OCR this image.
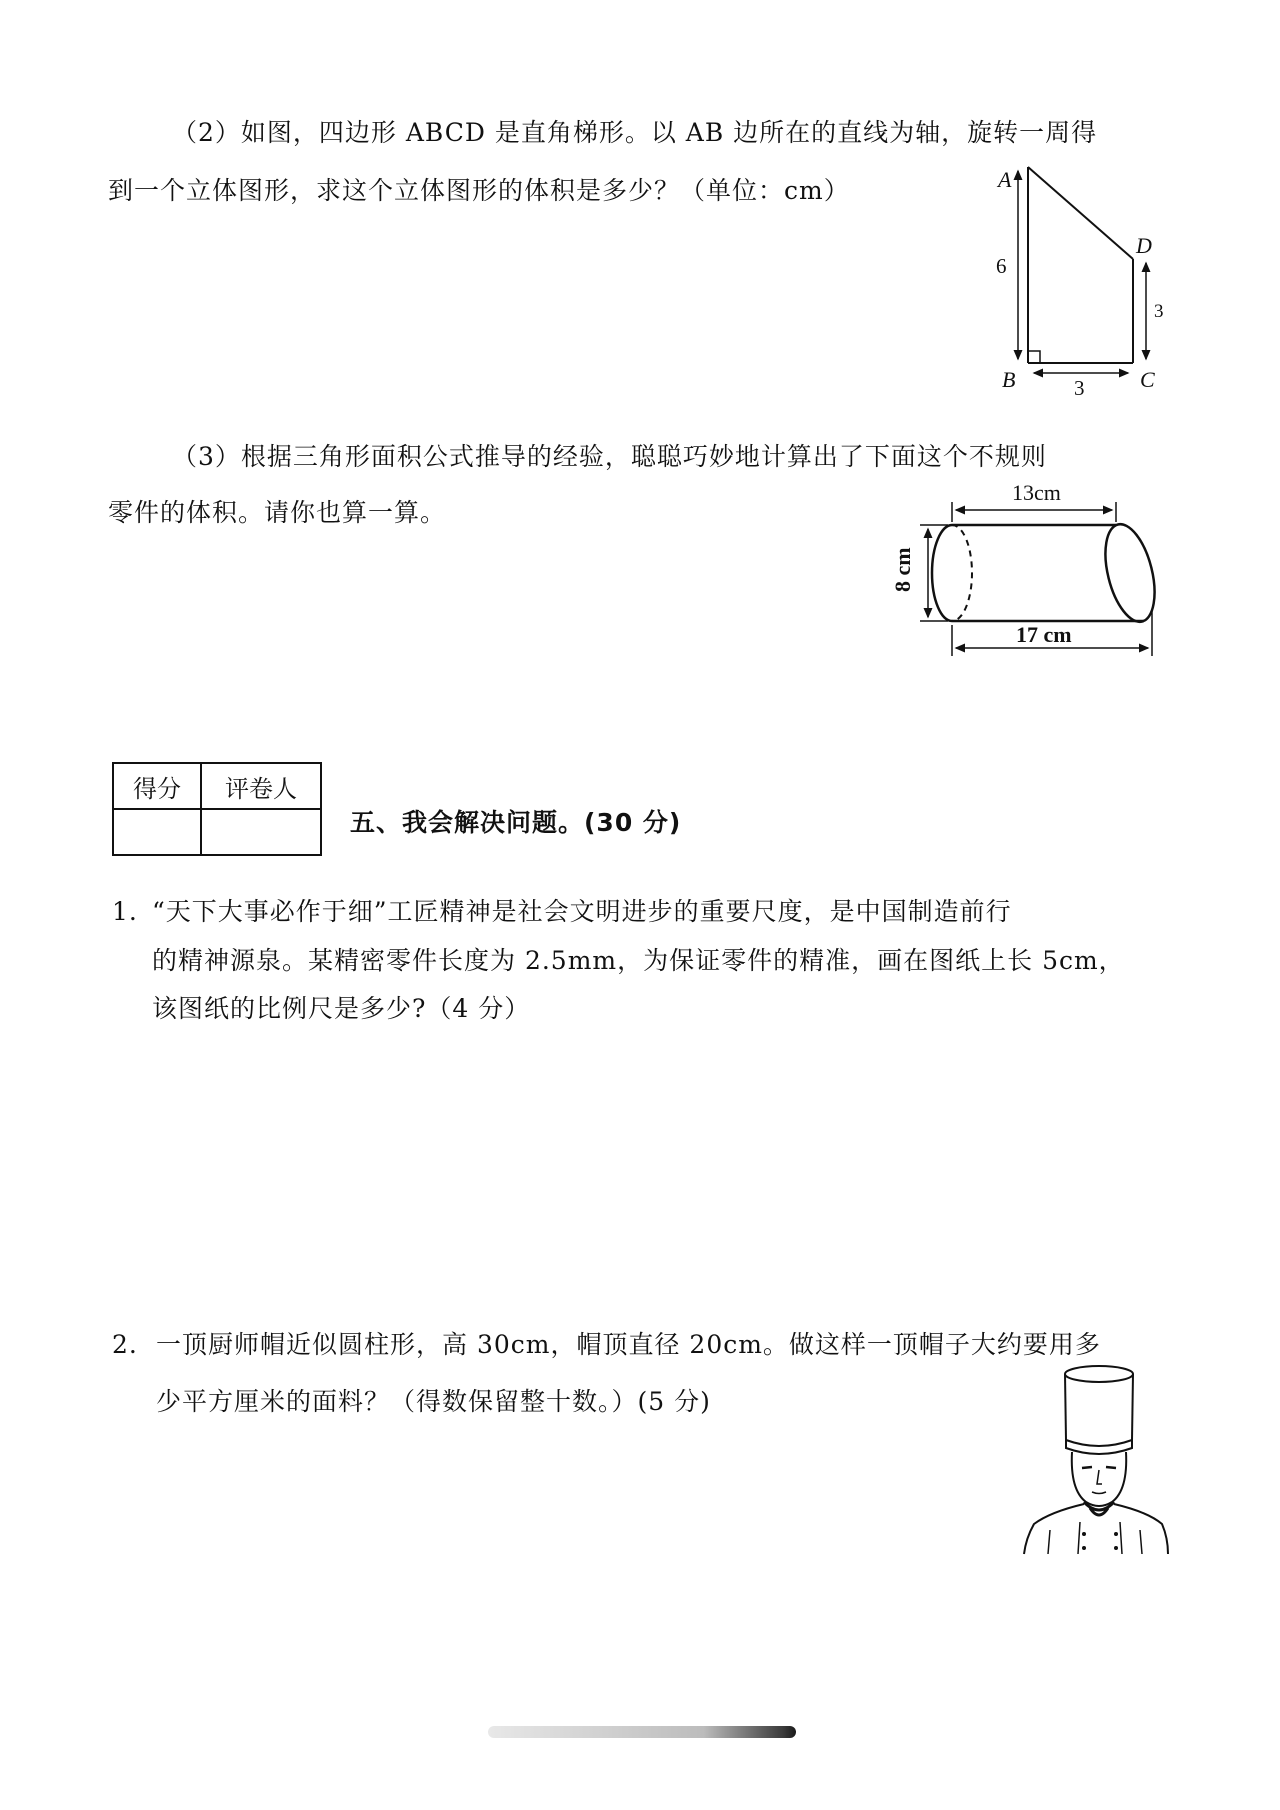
（2）如图，四边形 ABCD 是直角梯形。以 AB 边所在的直线为轴，旋转一周得
到一个立体图形，求这个立体图形的体积是多少？（单位：cm）	A
D
B	C
6
3
3
（3）根据三角形面积公式推导的经验，聪聪巧妙地计算出了下面这个不规则
零件的体积。请你也算一算。
13cm
8 cm
17 cm
得分	评卷人

五、我会解决问题。(30 分)
1. “天下大事必作于细”工匠精神是社会文明进步的重要尺度，是中国制造前行
的精神源泉。某精密零件长度为 2.5mm，为保证零件的精准，画在图纸上长 5cm，
该图纸的比例尺是多少?（4 分）
2. 一顶厨师帽近似圆柱形，高 30cm，帽顶直径 20cm。做这样一顶帽子大约要用多
少平方厘米的面料？（得数保留整十数。）(5 分)
